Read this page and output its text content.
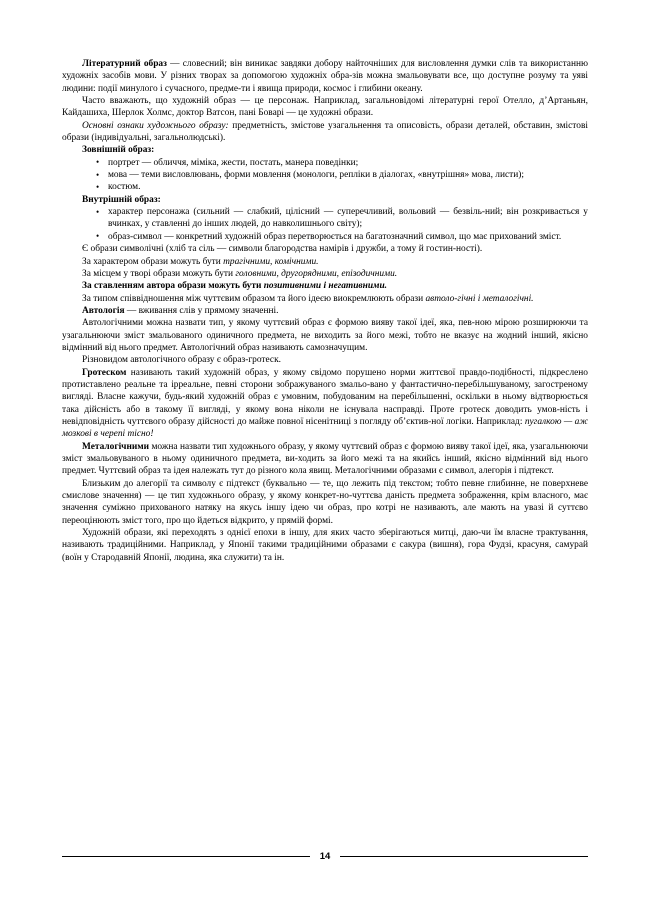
Літературний образ — словесний; він виникає завдяки добору найточніших для висловлення думки слів та використанню художніх засобів мови. У різних творах за допомогою художніх обра-зів можна змальовувати все, що доступне розуму та уяві людини: події минулого і сучасного, предме-ти і явища природи, космос і глибини океану.

Часто вважають, що художній образ — це персонаж. Наприклад, загальновідомі літературні герої Отелло, д’Артаньян, Кайдашиха, Шерлок Холмс, доктор Ватсон, пані Боварі — це художні образи.

Основні ознаки художнього образу: предметність, змістове узагальнення та описовість, образи деталей, обставин, змістові образи (індивідуальні, загальнолюдські).

Зовнішній образ:

• портрет — обличчя, міміка, жести, постать, манера поведінки;
• мова — теми висловлювань, форми мовлення (монологи, репліки в діалогах, «внутрішня» мова, листи);
• костюм.

Внутрішній образ:

• характер персонажа (сильний — слабкий, цілісний — суперечливий, вольовий — безвіль-ний; він розкривається у вчинках, у ставленні до інших людей, до навколишнього світу);
• образ-символ — конкретний художній образ перетворюється на багатозначний символ, що має прихований зміст.

Є образи символічні (хліб та сіль — символи благородства намірів і дружби, а тому й гостин-ності).

За характером образи можуть бути трагічними, комічними.

За місцем у творі образи можуть бути головними, другорядними, епізодичними.

За ставленням автора образи можуть бути позитивними і негативними.

За типом співвідношення між чуттєвим образом та його ідеєю виокремлюють образи автоло-гічні і металогічні.

Автологія — вживання слів у прямому значенні.

Автологічними можна назвати тип, у якому чуттєвий образ є формою вияву такої ідеї, яка, пев-ною мірою розширюючи та узагальнюючи зміст змальованого одиничного предмета, не виходить за його межі, тобто не вказує на жодний інший, якісно відмінний від нього предмет. Автологічний образ називають самозначущим.

Різновидом автологічного образу є образ-гротеск.

Гротеском називають такий художній образ, у якому свідомо порушено норми життєвої правдо-подібності, підкреслено протиставлено реальне та ірреальне, певні сторони зображуваного змальо-вано у фантастично-перебільшуваному, загостреному вигляді. Власне кажучи, будь-який художній образ є умовним, побудованим на перебільшенні, оскільки в ньому відтворюється така дійсність або в такому її вигляді, у якому вона ніколи не існувала насправді. Проте гротеск доводить умов-ність і невідповідність чуттєвого образу дійсності до майже повної нісенітниці з погляду об’єктив-ної логіки. Наприклад: пугалкою — аж мозкові в черепі тісно!

Металогічними можна назвати тип художнього образу, у якому чуттєвий образ є формою вияву такої ідеї, яка, узагальнюючи зміст змальовуваного в ньому одиничного предмета, ви-ходить за його межі та на якийсь інший, якісно відмінний від нього предмет. Чуттєвий образ та ідея належать тут до різного кола явищ. Металогічними образами є символ, алегорія і підтекст.

Близьким до алегорії та символу є підтекст (буквально — те, що лежить під текстом; тобто певне глибинне, не поверхневе смислове значення) — це тип художнього образу, у якому конкрет-но-чуттєва даність предмета зображення, крім власного, має значення суміжно прихованого натяку на якусь іншу ідею чи образ, про котрі не називають, але мають на увазі й суттєво переоцінюють зміст того, про що йдеться відкрито, у прямій формі.

Художній образи, які переходять з однієї епохи в іншу, для яких часто зберігаються митці, даю-чи їм власне трактування, називають традиційними. Наприклад, у Японії такими традиційними образами є сакура (вишня), гора Фудзі, красуня, самурай (воїн у Стародавній Японії, людина, яка служити) та ін.

14
